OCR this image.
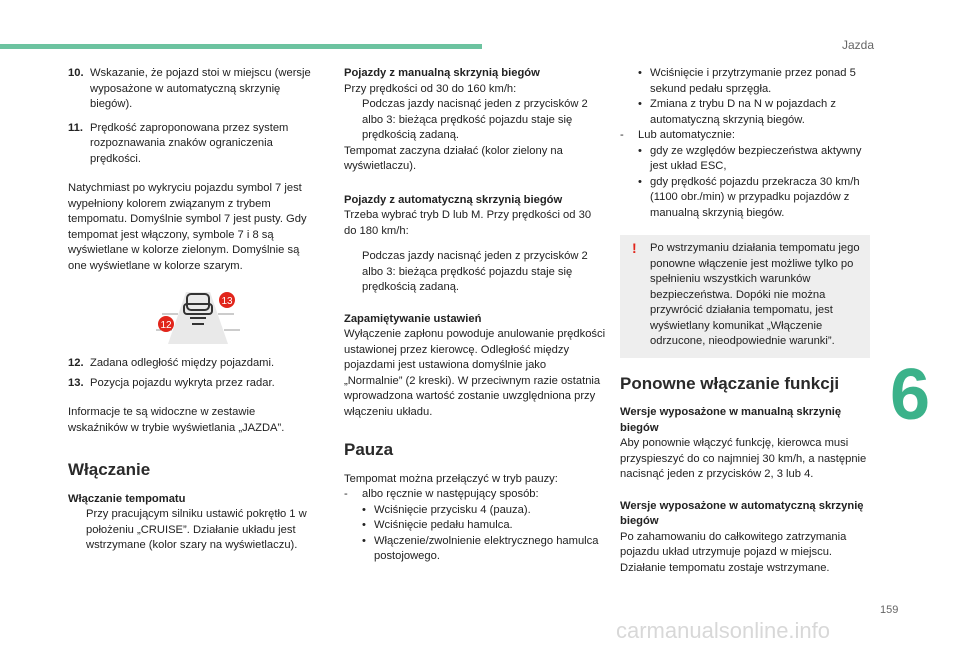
Jazda
6
159
carmanualsonline.info
10. Wskazanie, że pojazd stoi w miejscu (wersje wyposażone w automatyczną skrzynię biegów).
11. Prędkość zaproponowana przez system rozpoznawania znaków ograniczenia prędkości.

Natychmiast po wykryciu pojazdu symbol 7 jest wypełniony kolorem związanym z trybem tempomatu. Domyślnie symbol 7 jest pusty. Gdy tempomat jest włączony, symbole 7 i 8 są wyświetlane w kolorze zielonym. Domyślnie są one wyświetlane w kolorze szarym.

13
12
12. Zadana odległość między pojazdami.
13. Pozycja pojazdu wykryta przez radar.

Informacje te są widoczne w zestawie wskaźników w trybie wyświetlania „JAZDA”.

Włączanie
Włączanie tempomatu
Przy pracującym silniku ustawić pokrętło 1 w położeniu „CRUISE”. Działanie układu jest wstrzymane (kolor szary na wyświetlaczu).
Pojazdy z manualną skrzynią biegów
Przy prędkości od 30 do 160 km/h:
Podczas jazdy nacisnąć jeden z przycisków 2 albo 3: bieżąca prędkość pojazdu staje się prędkością zadaną.

Tempomat zaczyna działać (kolor zielony na wyświetlaczu).

Pojazdy z automatyczną skrzynią biegów

Trzeba wybrać tryb D lub M. Przy prędkości od 30 do 180 km/h:

Podczas jazdy nacisnąć jeden z przycisków 2 albo 3: bieżąca prędkość pojazdu staje się prędkością zadaną.
Zapamiętywanie ustawień

Wyłączenie zapłonu powoduje anulowanie prędkości ustawionej przez kierowcę. Odległość między pojazdami jest ustawiona domyślnie jako „Normalnie” (2 kreski). W przeciwnym razie ostatnia wprowadzona wartość zostanie uwzględniona przy włączeniu układu.

Pauza
Tempomat można przełączyć w tryb pauzy:
-	albo ręcznie w następujący sposób:
• Wciśnięcie przycisku 4 (pauza).
• Wciśnięcie pedału hamulca.
• Włączenie/zwolnienie elektrycznego hamulca postojowego.
• Wciśnięcie i przytrzymanie przez ponad 5 sekund pedału sprzęgła.
• Zmiana z trybu D na N w pojazdach z automatyczną skrzynią biegów.
-	Lub automatycznie:
• gdy ze względów bezpieczeństwa aktywny jest układ ESC,
• gdy prędkość pojazdu przekracza 30 km/h (1100 obr./min) w przypadku pojazdów z manualną skrzynią biegów.
! Po wstrzymaniu działania tempomatu jego ponowne włączenie jest możliwe tylko po spełnieniu wszystkich warunków bezpieczeństwa. Dopóki nie można przywrócić działania tempomatu, jest wyświetlany komunikat „Włączenie odrzucone, nieodpowiednie warunki”.
Ponowne włączanie funkcji
Wersje wyposażone w manualną skrzynię biegów

Aby ponownie włączyć funkcję, kierowca musi przyspieszyć do co najmniej 30 km/h, a następnie nacisnąć jeden z przycisków 2, 3 lub 4.

Wersje wyposażone w automatyczną skrzynię biegów

Po zahamowaniu do całkowitego zatrzymania pojazdu układ utrzymuje pojazd w miejscu. Działanie tempomatu zostaje wstrzymane.
